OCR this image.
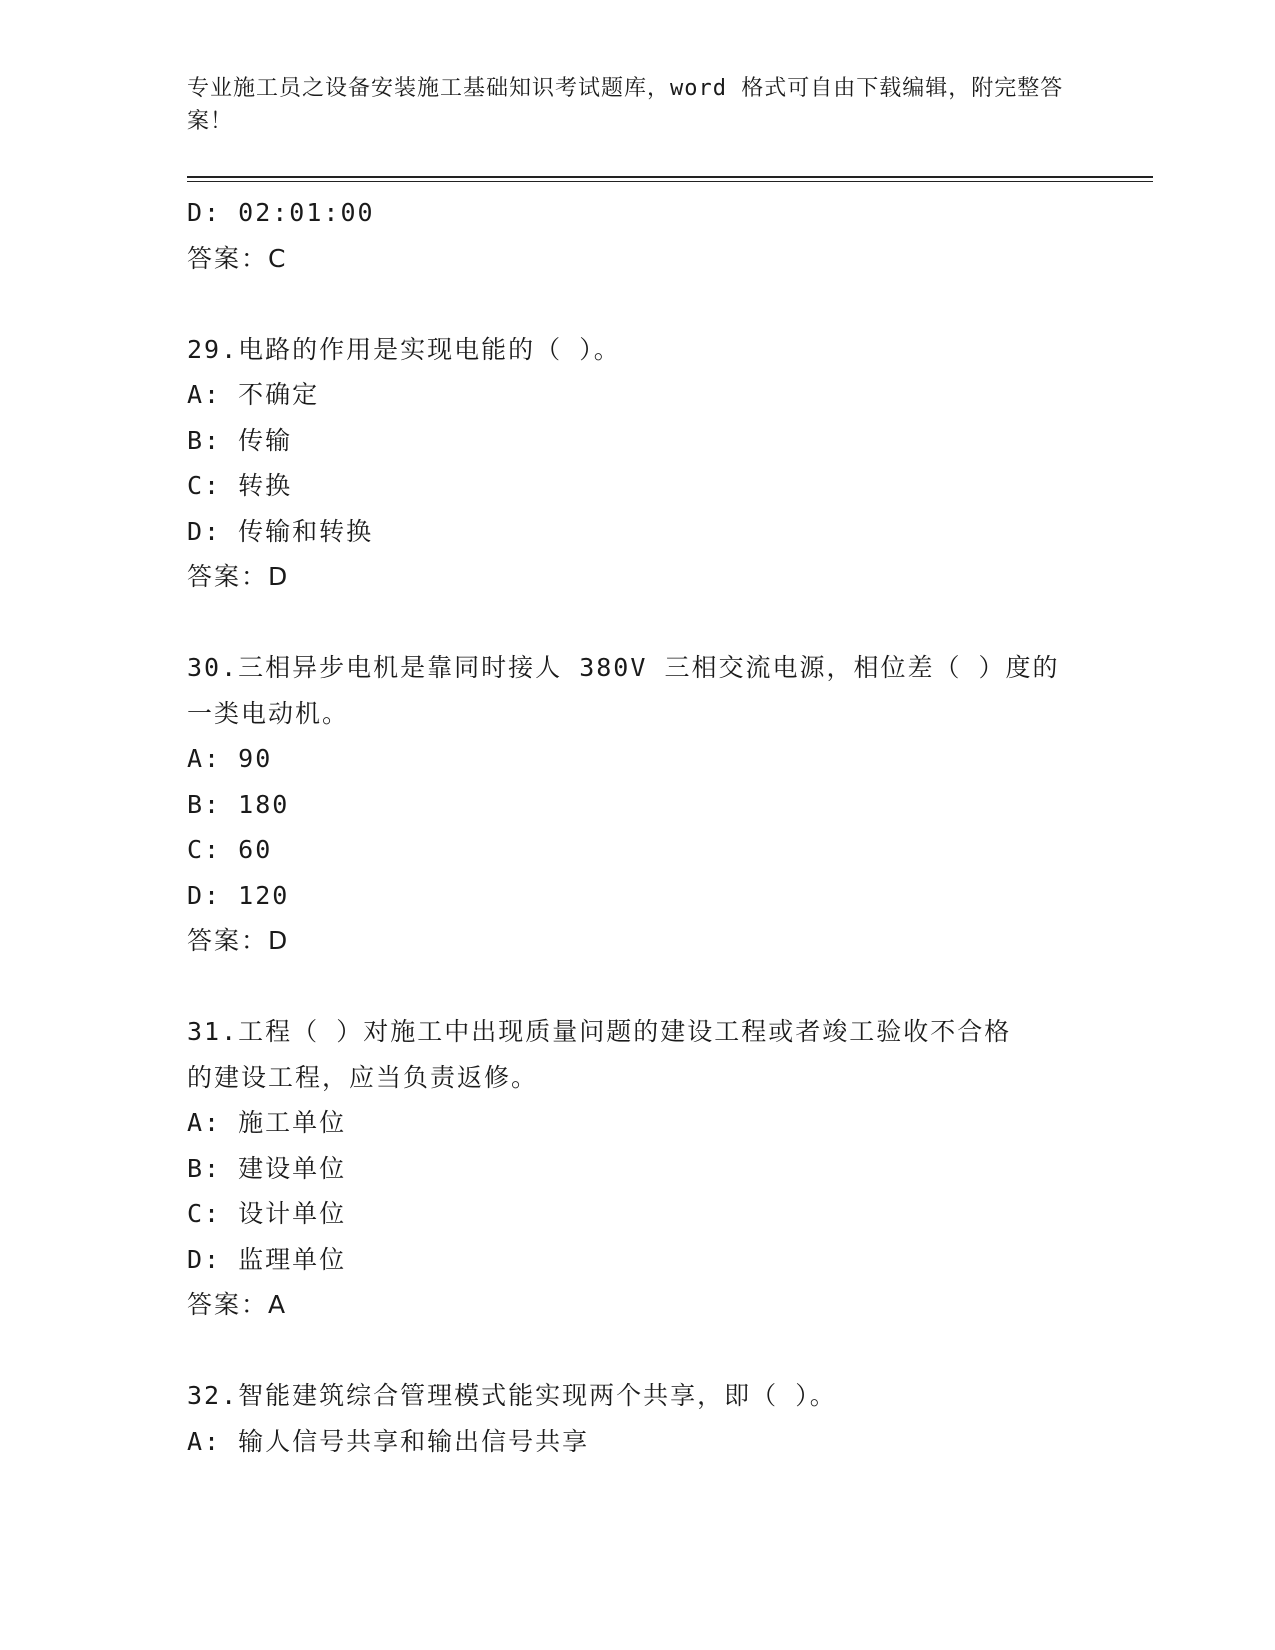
专业施工员之设备安装施工基础知识考试题库，word 格式可自由下载编辑，附完整答案！
D: 02:01:00
答案：C
29.电路的作用是实现电能的（ ）。
A: 不确定
B: 传输
C: 转换
D: 传输和转换
答案：D
30.三相异步电机是靠同时接人 380V 三相交流电源，相位差（ ）度的
一类电动机。
A: 90
B: 180
C: 60
D: 120
答案：D
31.工程（ ）对施工中出现质量问题的建设工程或者竣工验收不合格
的建设工程，应当负责返修。
A: 施工单位
B: 建设单位
C: 设计单位
D: 监理单位
答案：A
32.智能建筑综合管理模式能实现两个共享，即（ ）。
A: 输人信号共享和输出信号共享
